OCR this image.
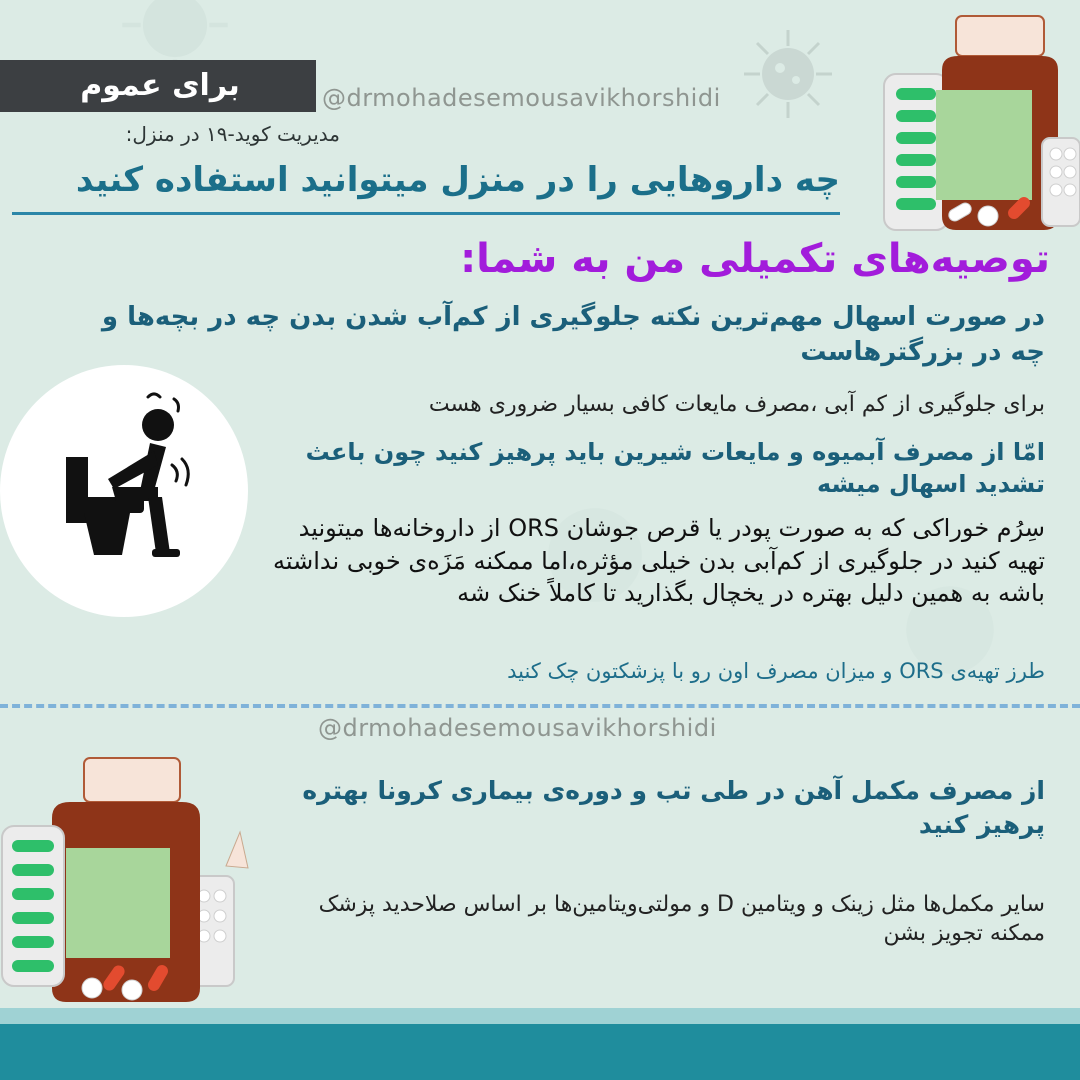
برای عموم	@drmohadesemousavikhorshidi
مدیریت کوید-۱۹ در منزل:
چه داروهایی را در منزل میتوانید استفاده کنید
توصیه‌های تکمیلی من به شما:
در صورت اسهال مهم‌ترین نکته جلوگیری از کم‌آب شدن بدن چه در بچه‌ها و چه در بزرگترهاست
برای جلوگیری از کم آبی ،مصرف مایعات کافی بسیار ضروری هست
امّا از مصرف آبمیوه و مایعات شیرین باید پرهیز کنید چون باعث تشدید اسهال میشه
سِرُم خوراکی که به صورت پودر یا قرص جوشان ORS از داروخانه‌ها میتونید تهیه کنید در جلوگیری از کم‌آبی بدن خیلی مؤثره،اما ممکنه مَزَه‌ی خوبی نداشته باشه به همین دلیل بهتره در یخچال بگذارید تا کاملاً خنک شه
طرز تهیه‌ی ORS و میزان مصرف اون رو با پزشکتون چک کنید
@drmohadesemousavikhorshidi
از مصرف مکمل آهن در طی تب و دوره‌ی بیماری کرونا بهتره پرهیز کنید
سایر مکمل‌ها مثل زینک و ویتامین D و مولتی‌ویتامین‌ها بر اساس صلاحدید پزشک ممکنه تجویز بشن
